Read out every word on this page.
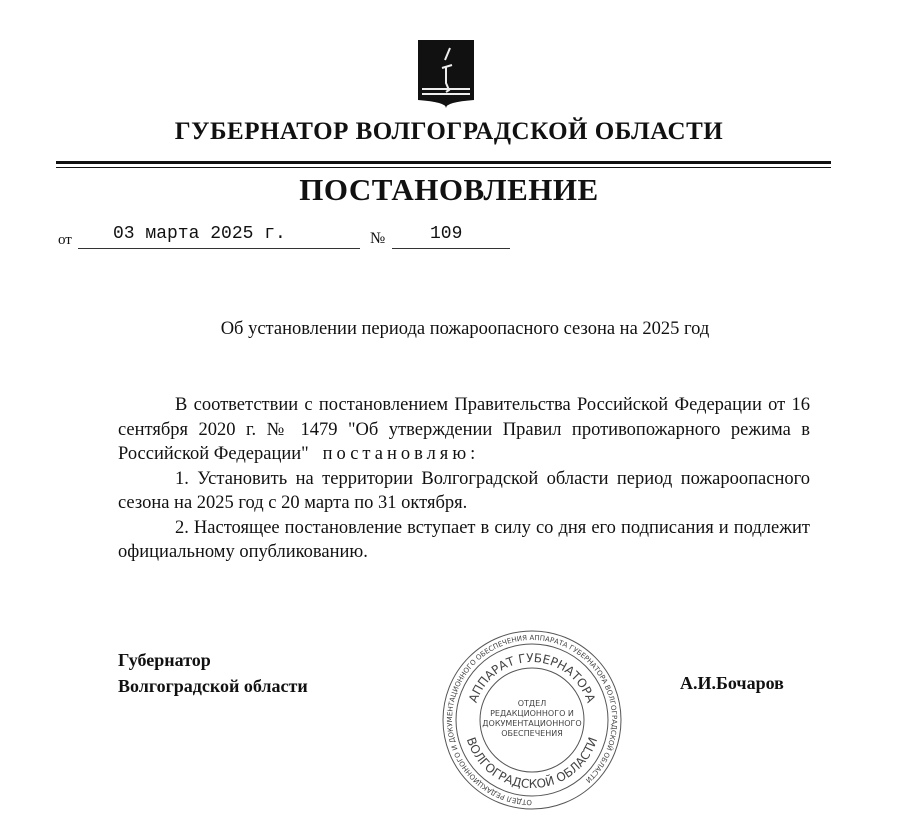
ГУБЕРНАТОР ВОЛГОГРАДСКОЙ ОБЛАСТИ
ПОСТАНОВЛЕНИЕ
от	03 марта 2025 г.	№	109
Об установлении периода пожароопасного сезона на 2025 год

В соответствии с постановлением Правительства Российской Федерации от 16 сентября 2020 г. № 1479 "Об утверждении Правил противопожарного режима в Российской Федерации" постановляю:

1. Установить на территории Волгоградской области период пожароопасного сезона на 2025 год с 20 марта по 31 октября.

2. Настоящее постановление вступает в силу со дня его подписания и подлежит официальному опубликованию.

Губернатор
Волгоградской области	А.И.Бочаров
ОТДЕЛ РЕДАКЦИОННОГО И ДОКУМЕНТАЦИОННОГО ОБЕСПЕЧЕНИЯ АППАРАТА ГУБЕРНАТОРА ВОЛГОГРАДСКОЙ ОБЛАСТИ
АППАРАТ ГУБЕРНАТОРА
ВОЛГОГРАДСКОЙ ОБЛАСТИ
ОТДЕЛ
РЕДАКЦИОННОГО И
ДОКУМЕНТАЦИОННОГО
ОБЕСПЕЧЕНИЯ
